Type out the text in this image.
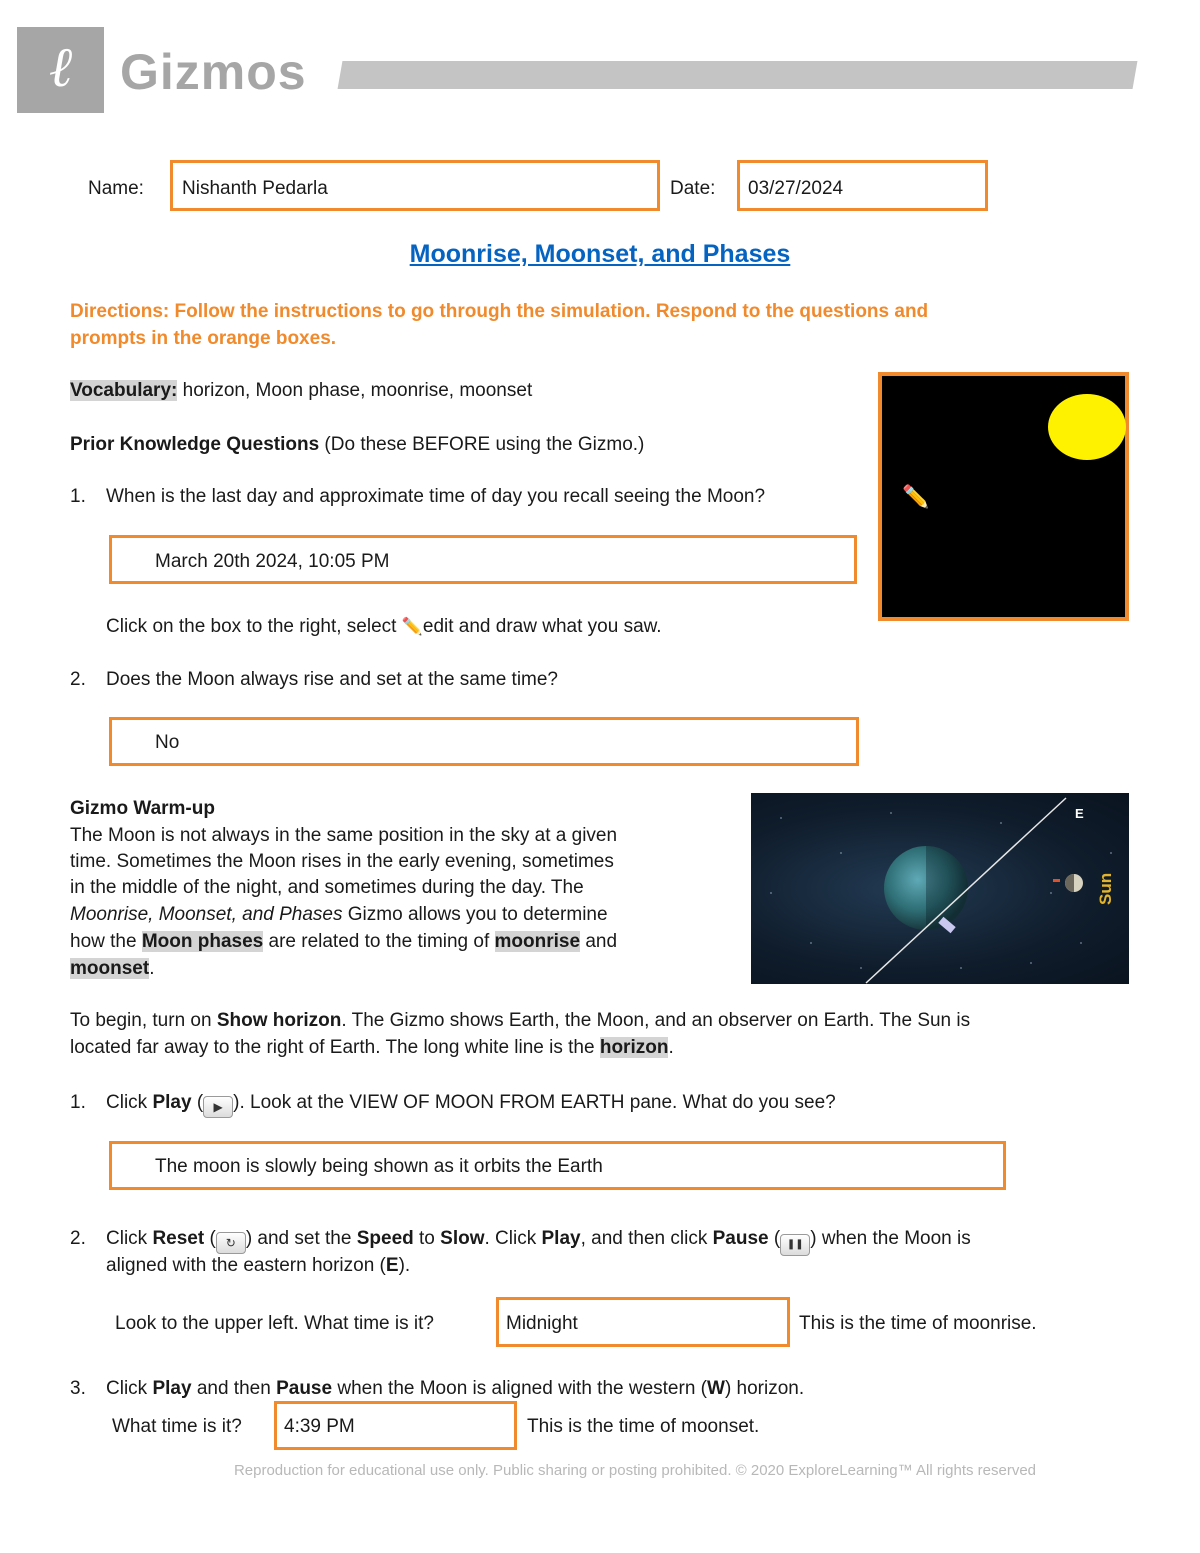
ℓ Gizmos
Name: Nishanth Pedarla	Date: 03/27/2024
Moonrise, Moonset, and Phases
Directions: Follow the instructions to go through the simulation. Respond to the questions and
prompts in the orange boxes.
Vocabulary: horizon, Moon phase, moonrise, moonset
Prior Knowledge Questions (Do these BEFORE using the Gizmo.)
1. When is the last day and approximate time of day you recall seeing the Moon?
March 20th 2024, 10:05 PM
Click on the box to the right, select ✏️edit and draw what you saw.
✏️
2. Does the Moon always rise and set at the same time?
No
Gizmo Warm-up
The Moon is not always in the same position in the sky at a given
time. Sometimes the Moon rises in the early evening, sometimes
in the middle of the night, and sometimes during the day. The
Moonrise, Moonset, and Phases Gizmo allows you to determine
how the Moon phases are related to the timing of moonrise and
moonset.
E
Sun
To begin, turn on Show horizon. The Gizmo shows Earth, the Moon, and an observer on Earth. The Sun is
located far away to the right of Earth. The long white line is the horizon.
1. Click Play ( ▶ ). Look at the VIEW OF MOON FROM EARTH pane. What do you see?
The moon is slowly being shown as it orbits the Earth
2. Click Reset ( ↻ ) and set the Speed to Slow. Click Play, and then click Pause ( ❚❚ ) when the Moon is
aligned with the eastern horizon (E).
Look to the upper left. What time is it?	Midnight	This is the time of moonrise.
3. Click Play and then Pause when the Moon is aligned with the western (W) horizon.
What time is it? 4:39 PM	This is the time of moonset.
Reproduction for educational use only. Public sharing or posting prohibited. © 2020 ExploreLearning™ All rights reserved
